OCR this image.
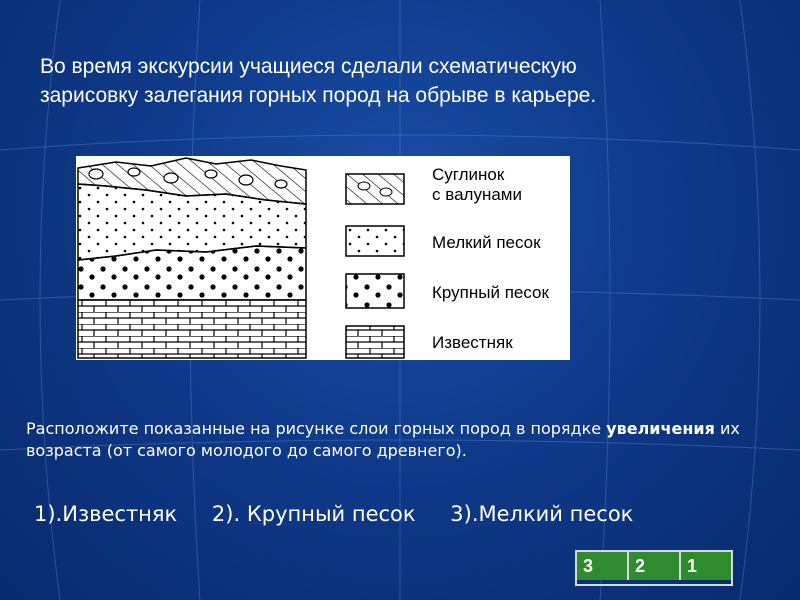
Во время экскурсии учащиеся сделали схематическую
зарисовку залегания горных пород на обрыве в карьере.
Суглинок
с валунами
Мелкий песок
Крупный песок
Известняк
Расположите показанные на рисунке слои горных пород в порядке увеличения их возраста (от самого молодого до самого древнего).
1).Известняк 2). Крупный песок 3).Мелкий песок
3	2	1
